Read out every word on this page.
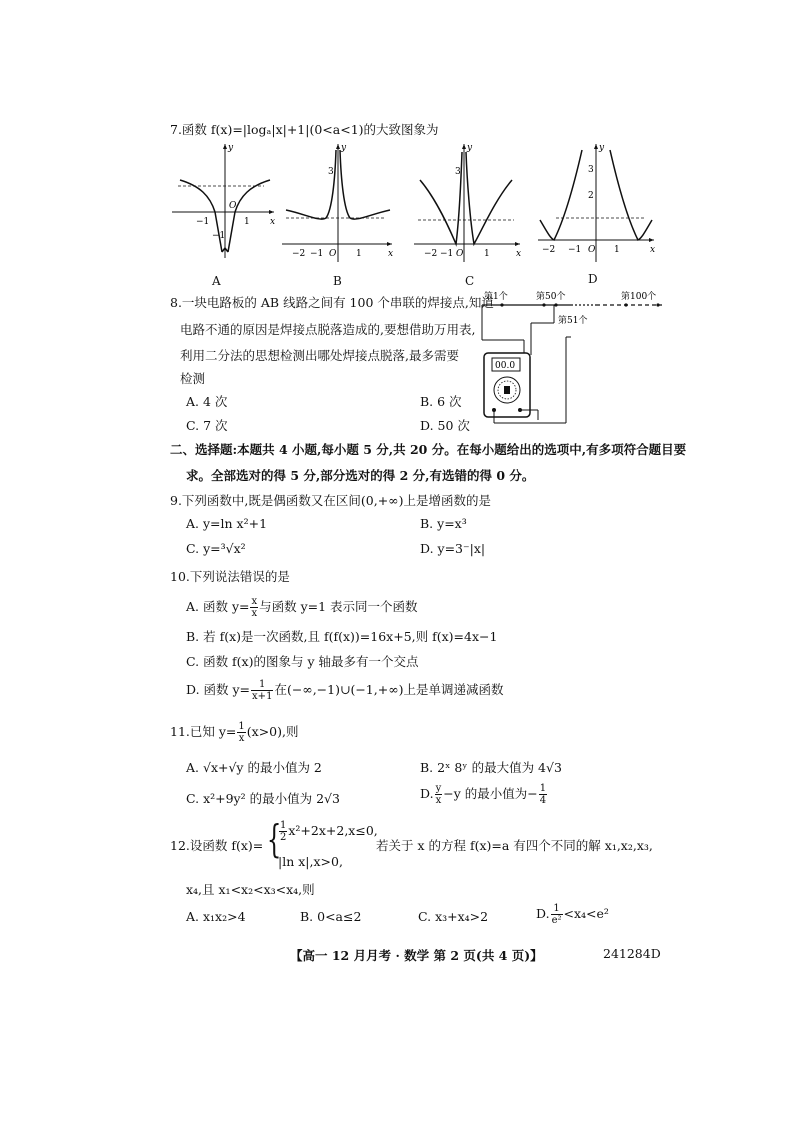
7.函数 f(x)=|logₐ|x|+1|(0<a<1)的大致图象为
−1	1
−1
x
y
O
A
−2 −1	1
3
x
y
O
B
−2 −1	1
3
x
y
O
C
−2 −1	1
3
2
x
y
O
D
8.一块电路板的 AB 线路之间有 100 个串联的焊接点,知道
电路不通的原因是焊接点脱落造成的,要想借助万用表,
利用二分法的思想检测出哪处焊接点脱落,最多需要
检测
A. 4 次	B. 6 次
C. 7 次	D. 50 次
第1个	第50个
第51个
第100个
00.0
二、选择题:本题共 4 小题,每小题 5 分,共 20 分。在每小题给出的选项中,有多项符合题目要
求。全部选对的得 5 分,部分选对的得 2 分,有选错的得 0 分。
9.下列函数中,既是偶函数又在区间(0,+∞)上是增函数的是
A. y=ln x²+1	B. y=x³
C. y=³√x²	D. y=3⁻|x|
10.下列说法错误的是
A. 函数 $y= \frac{x}{x}$ 与函数 y=1 表示同一个函数
B. 若 f(x)是一次函数,且 f(f(x))=16x+5,则 f(x)=4x−1
C. 函数 f(x)的图象与 y 轴最多有一个交点
D. 函数 $y= \frac{1}{x+1}$ 在(−∞,−1)∪(−1,+∞)上是单调递减函数
11.已知 $y= \frac{1}{x} (x>0)$,则
A. √x+√y 的最小值为 2	B. 2ˣ 8ʸ 的最大值为 4√3
C. x²+9y² 的最小值为 2√3	D. $\frac{y}{x} -y$ 的最小值为− $\frac{1}{4}$
12.设函数 f(x)= {
$\frac{1}{2} x^2+2x+2,x\le 0$,
|ln x|,x>0,
若关于 x 的方程 f(x)=a 有四个不同的解 x₁,x₂,x₃,
x₄,且 x₁<x₂<x₃<x₄,则
A. x₁x₂>4	B. 0<a≤2	C. x₃+x₄>2	D. $\frac{1}{\text{e²}} <x_4<e^2$
【高一 12 月月考 · 数学 第 2 页(共 4 页)】	241284D
